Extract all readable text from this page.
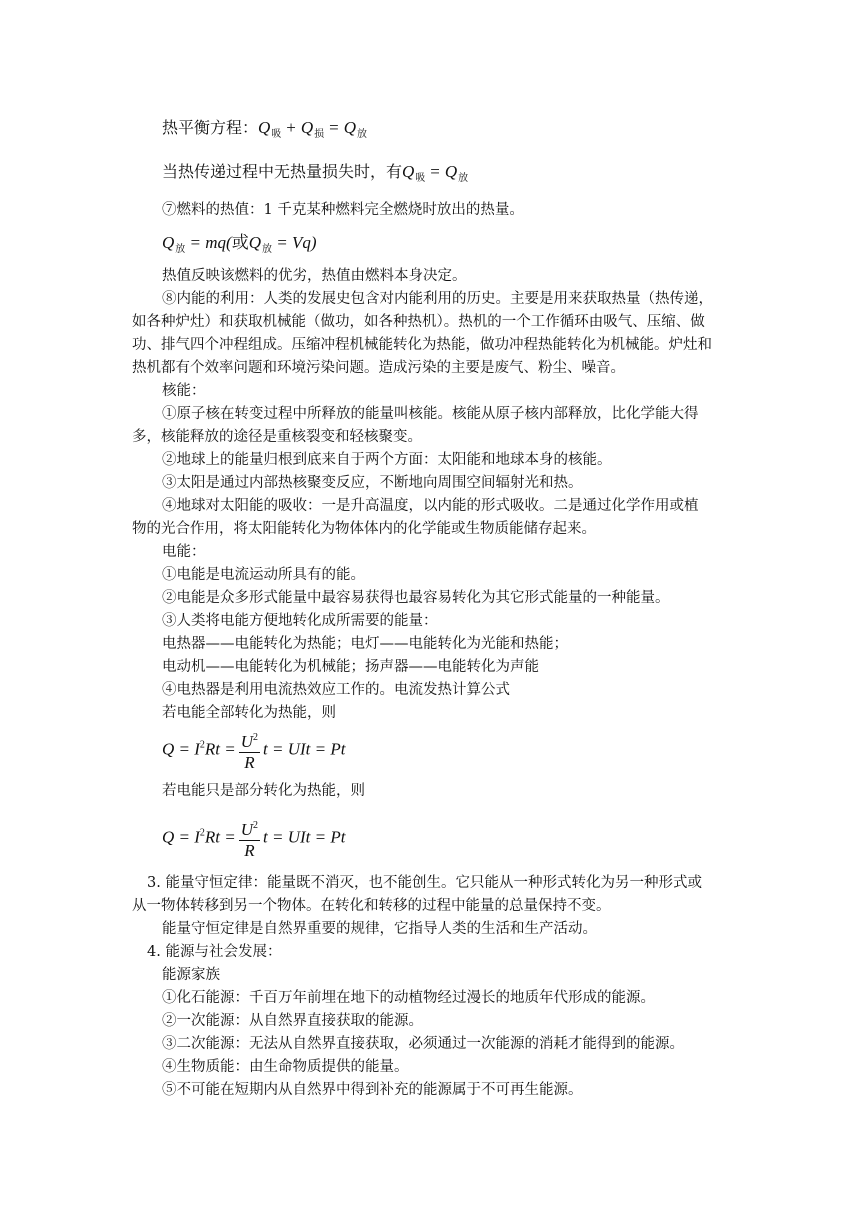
热平衡方程：$Q_吸 + Q_损 = Q_放$
当热传递过程中无热量损失时，有$Q_吸 = Q_放$
⑦燃料的热值：1 千克某种燃料完全燃烧时放出的热量。
$Q_放 = mq$(或$Q_放 = Vq$)
热值反映该燃料的优劣，热值由燃料本身决定。
⑧内能的利用：人类的发展史包含对内能利用的历史。主要是用来获取热量（热传递，
如各种炉灶）和获取机械能（做功，如各种热机）。热机的一个工作循环由吸气、压缩、做
功、排气四个冲程组成。压缩冲程机械能转化为热能，做功冲程热能转化为机械能。炉灶和
热机都有个效率问题和环境污染问题。造成污染的主要是废气、粉尘、噪音。
核能：
①原子核在转变过程中所释放的能量叫核能。核能从原子核内部释放，比化学能大得
多，核能释放的途径是重核裂变和轻核聚变。
②地球上的能量归根到底来自于两个方面：太阳能和地球本身的核能。
③太阳是通过内部热核聚变反应，不断地向周围空间辐射光和热。
④地球对太阳能的吸收：一是升高温度，以内能的形式吸收。二是通过化学作用或植
物的光合作用，将太阳能转化为物体体内的化学能或生物质能储存起来。
电能：
①电能是电流运动所具有的能。
②电能是众多形式能量中最容易获得也最容易转化为其它形式能量的一种能量。
③人类将电能方便地转化成所需要的能量：
电热器——电能转化为热能；电灯——电能转化为光能和热能；
电动机——电能转化为机械能；扬声器——电能转化为声能
④电热器是利用电流热效应工作的。电流发热计算公式
若电能全部转化为热能，则
$Q = I^2Rt = \frac{U^2}{R}$ t = UIt = Pt
若电能只是部分转化为热能，则
$Q = I^2Rt = \frac{U^2}{R}$ t = UIt = Pt
3. 能量守恒定律：能量既不消灭，也不能创生。它只能从一种形式转化为另一种形式或
从一物体转移到另一个物体。在转化和转移的过程中能量的总量保持不变。
能量守恒定律是自然界重要的规律，它指导人类的生活和生产活动。
4. 能源与社会发展：
能源家族
①化石能源：千百万年前埋在地下的动植物经过漫长的地质年代形成的能源。
②一次能源：从自然界直接获取的能源。
③二次能源：无法从自然界直接获取，必须通过一次能源的消耗才能得到的能源。
④生物质能：由生命物质提供的能量。
⑤不可能在短期内从自然界中得到补充的能源属于不可再生能源。
